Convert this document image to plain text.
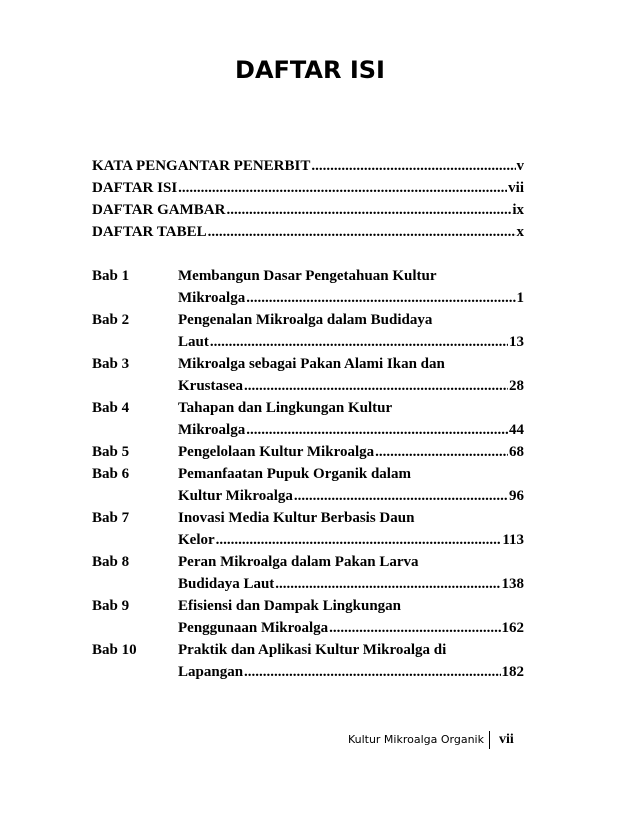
DAFTAR ISI
KATA PENGANTAR PENERBIT .....	v
DAFTAR ISI .....	vii
DAFTAR GAMBAR .....	ix
DAFTAR TABEL .....	x
Bab 1	Membangun Dasar Pengetahuan Kultur
Mikroalga .....	1
Bab 2	Pengenalan Mikroalga dalam Budidaya
Laut .....	13
Bab 3	Mikroalga sebagai Pakan Alami Ikan dan
Krustasea .....	28
Bab 4	Tahapan dan Lingkungan Kultur
Mikroalga .....	44
Bab 5	Pengelolaan Kultur Mikroalga .....	68
Bab 6	Pemanfaatan Pupuk Organik dalam
Kultur Mikroalga .....	96
Bab 7	Inovasi Media Kultur Berbasis Daun
Kelor .....	113
Bab 8	Peran Mikroalga dalam Pakan Larva
Budidaya Laut .....	138
Bab 9	Efisiensi dan Dampak Lingkungan
Penggunaan Mikroalga .....	162
Bab 10	Praktik dan Aplikasi Kultur Mikroalga di
Lapangan .....	182
Kultur Mikroalga Organik vii
